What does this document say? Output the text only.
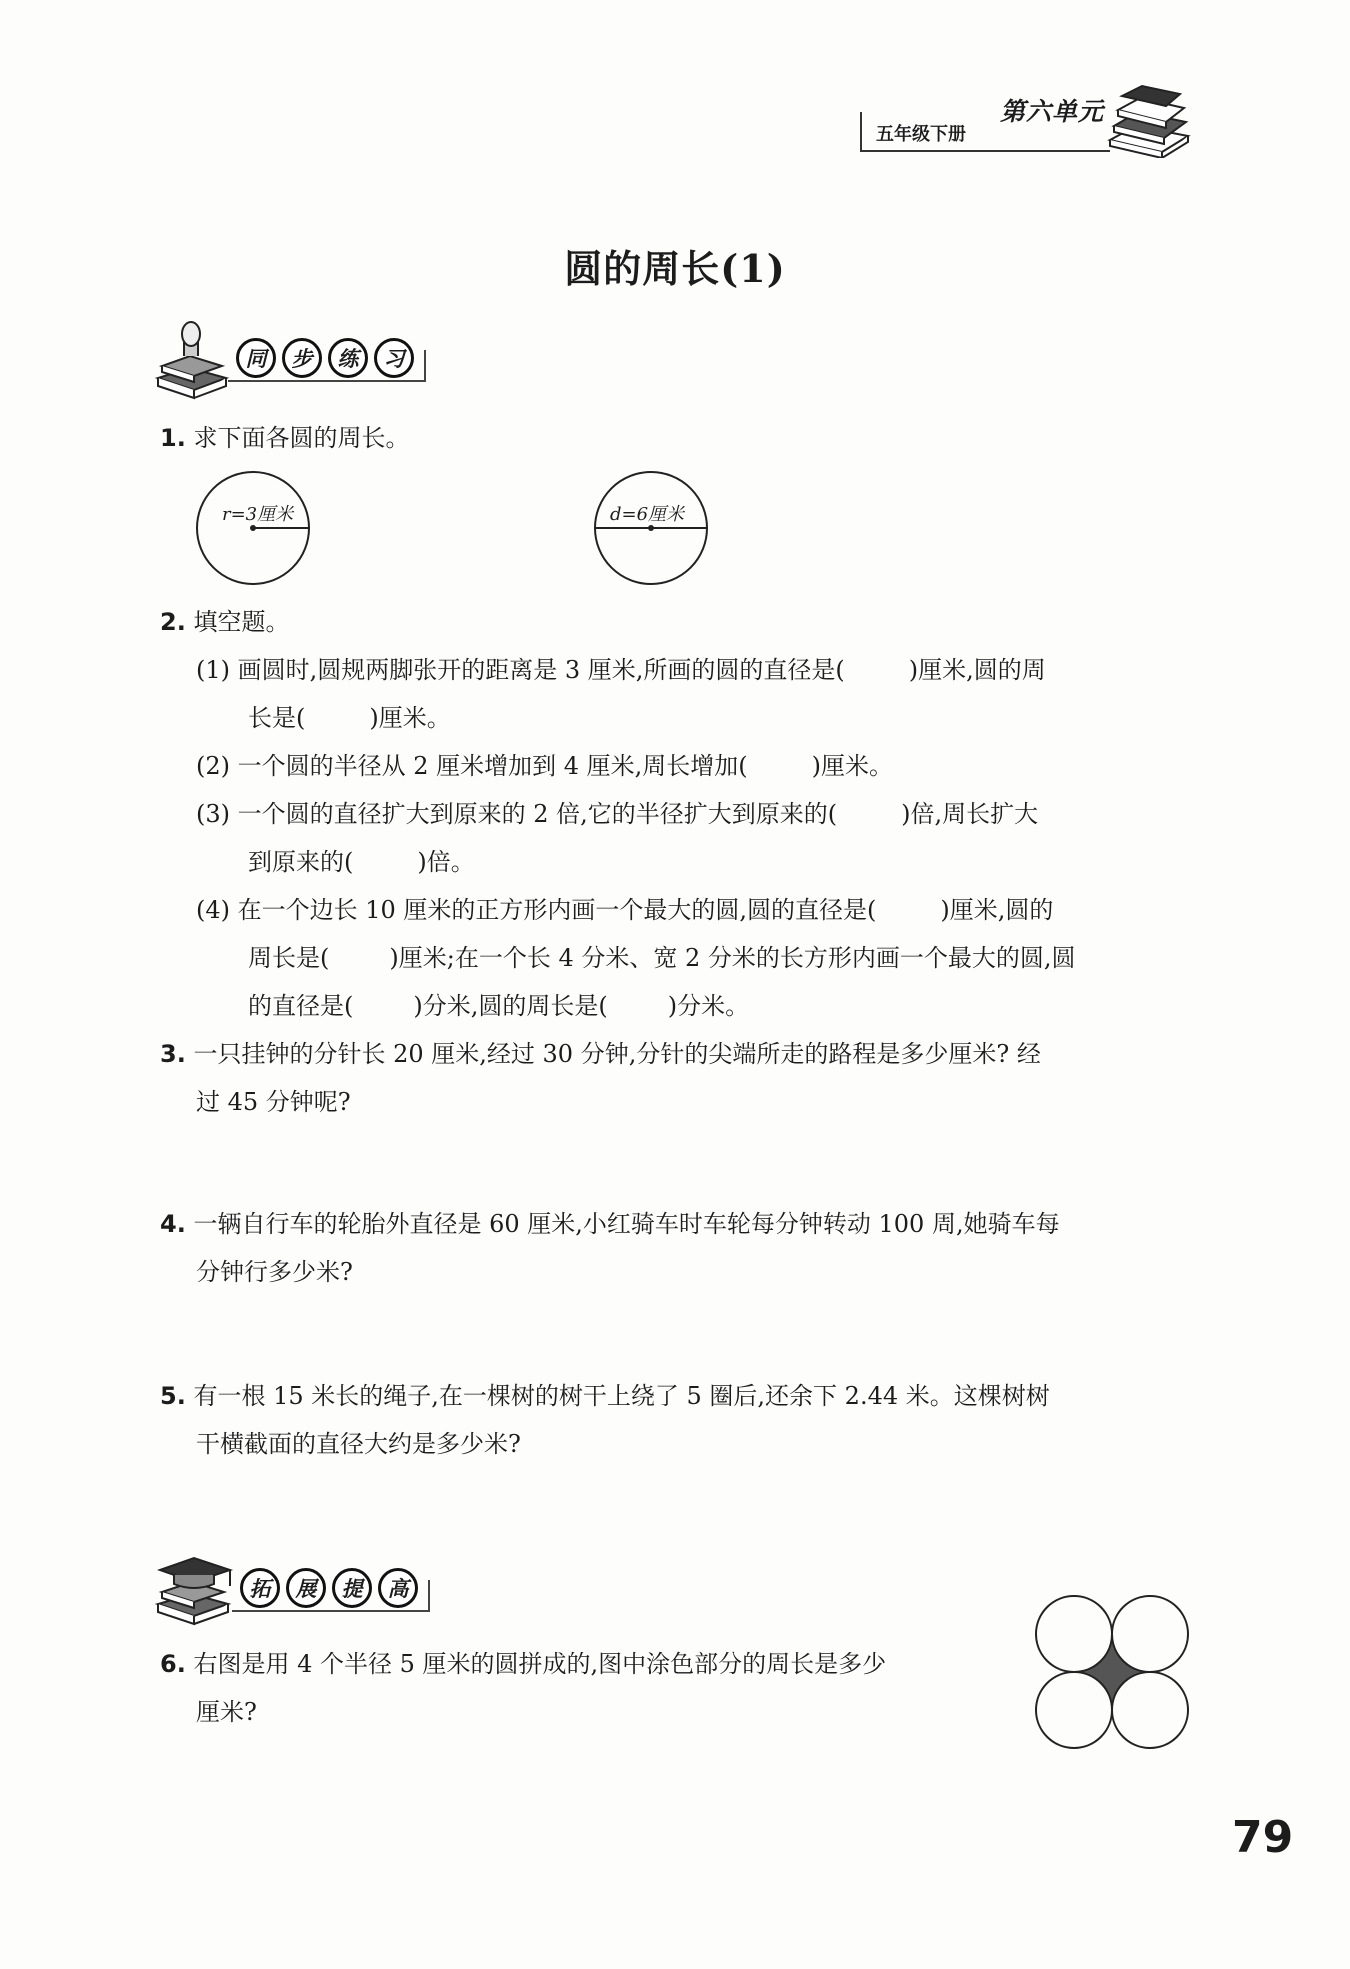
第六单元
五年级下册
圆的周长(1)
同	步	练	习
1. 求下面各圆的周长。
r=3厘米	d=6厘米
2. 填空题。
(1) 画圆时,圆规两脚张开的距离是 3 厘米,所画的圆的直径是(	)厘米,圆的周
长是(	)厘米。
(2) 一个圆的半径从 2 厘米增加到 4 厘米,周长增加(	)厘米。
(3) 一个圆的直径扩大到原来的 2 倍,它的半径扩大到原来的(	)倍,周长扩大
到原来的(	)倍。
(4) 在一个边长 10 厘米的正方形内画一个最大的圆,圆的直径是(	)厘米,圆的
周长是(	)厘米;在一个长 4 分米、宽 2 分米的长方形内画一个最大的圆,圆
的直径是(	)分米,圆的周长是(	)分米。
3. 一只挂钟的分针长 20 厘米,经过 30 分钟,分针的尖端所走的路程是多少厘米? 经
过 45 分钟呢?
4. 一辆自行车的轮胎外直径是 60 厘米,小红骑车时车轮每分钟转动 100 周,她骑车每
分钟行多少米?
5. 有一根 15 米长的绳子,在一棵树的树干上绕了 5 圈后,还余下 2.44 米。这棵树树
干横截面的直径大约是多少米?
拓	展	提	高
6. 右图是用 4 个半径 5 厘米的圆拼成的,图中涂色部分的周长是多少
厘米?
79
